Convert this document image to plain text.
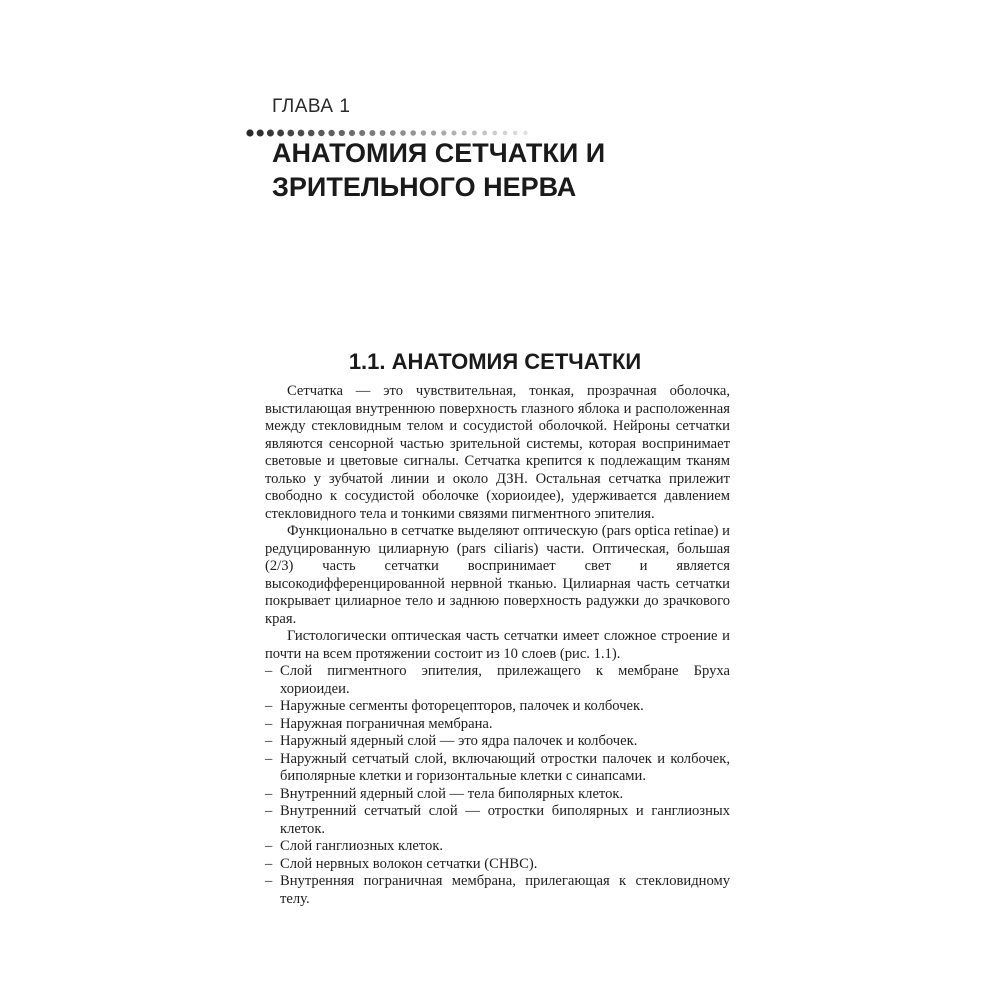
ГЛАВА 1
АНАТОМИЯ СЕТЧАТКИ И ЗРИТЕЛЬНОГО НЕРВА
1.1. АНАТОМИЯ СЕТЧАТКИ

Сетчатка — это чувствительная, тонкая, прозрачная оболочка, выстилающая внутреннюю поверхность глазного яблока и расположенная между стекловидным телом и сосудистой оболочкой. Нейроны сетчатки являются сенсорной частью зрительной системы, которая воспринимает световые и цветовые сигналы. Сетчатка крепится к подлежащим тканям только у зубчатой линии и около ДЗН. Остальная сетчатка прилежит свободно к сосудистой оболочке (хориоидее), удерживается давлением стекловидного тела и тонкими связями пигментного эпителия.

Функционально в сетчатке выделяют оптическую (pars optica retinae) и редуцированную цилиарную (pars ciliaris) части. Оптическая, большая (2/3) часть сетчатки воспринимает свет и является высокодифференцированной нервной тканью. Цилиарная часть сетчатки покрывает цилиарное тело и заднюю поверхность радужки до зрачкового края.

Гистологически оптическая часть сетчатки имеет сложное строение и почти на всем протяжении состоит из 10 слоев (рис. 1.1).

– Слой пигментного эпителия, прилежащего к мембране Бруха хориоидеи.
– Наружные сегменты фоторецепторов, палочек и колбочек.
– Наружная пограничная мембрана.
– Наружный ядерный слой — это ядра палочек и колбочек.
– Наружный сетчатый слой, включающий отростки палочек и колбочек, биполярные клетки и горизонтальные клетки с синапсами.
– Внутренний ядерный слой — тела биполярных клеток.
– Внутренний сетчатый слой — отростки биполярных и ганглиозных клеток.
– Слой ганглиозных клеток.
– Слой нервных волокон сетчатки (СНВС).
– Внутренняя пограничная мембрана, прилегающая к стекловидному телу.
